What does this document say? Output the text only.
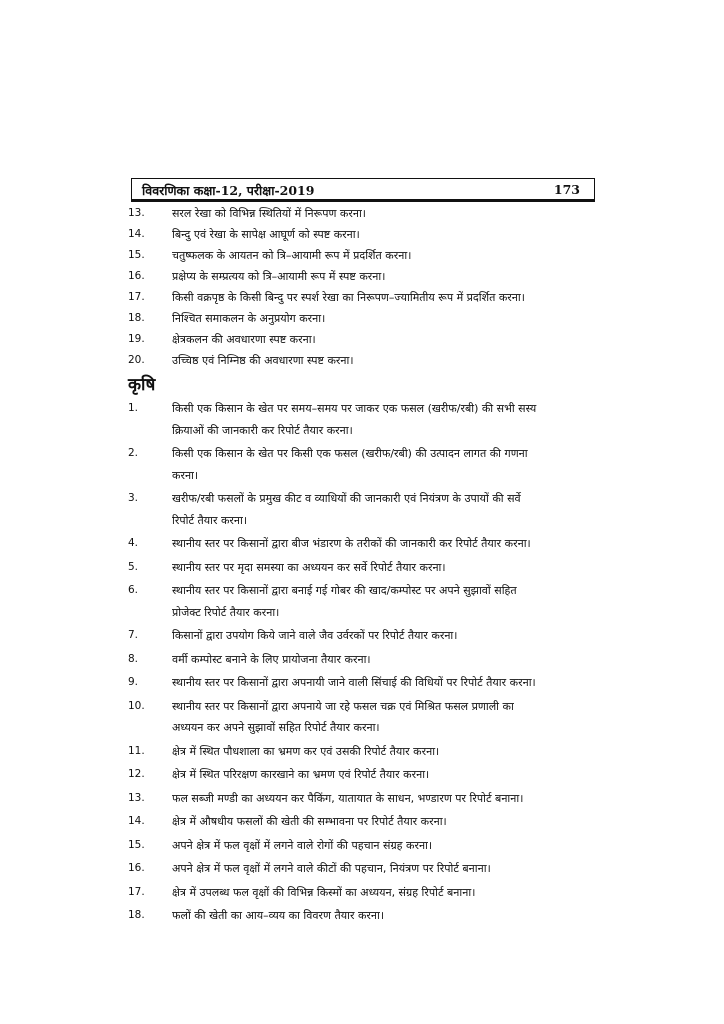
विवरणिका कक्षा-12, परीक्षा-2019	173
13. सरल रेखा को विभिन्न स्थितियों में निरूपण करना।
14. बिन्दु एवं रेखा के सापेक्ष आघूर्ण को स्पष्ट करना।
15. चतुष्फलक के आयतन को त्रि–आयामी रूप में प्रदर्शित करना।
16. प्रक्षेप्य के सम्प्रत्यय को त्रि–आयामी रूप में स्पष्ट करना।
17. किसी वक्रपृष्ठ के किसी बिन्दु पर स्पर्श रेखा का निरूपण–ज्यामितीय रूप में प्रदर्शित करना।
18. निश्चित समाकलन के अनुप्रयोग करना।
19. क्षेत्रकलन की अवधारणा स्पष्ट करना।
20. उच्चिष्ठ एवं निम्निष्ठ की अवधारणा स्पष्ट करना।
कृषि
1.	किसी एक किसान के खेत पर समय–समय पर जाकर एक फसल (खरीफ/रबी) की सभी सस्य
क्रियाओं की जानकारी कर रिपोर्ट तैयार करना।
2.	किसी एक किसान के खेत पर किसी एक फसल (खरीफ/रबी) की उत्पादन लागत की गणना
करना।
3.	खरीफ/रबी फसलों के प्रमुख कीट व व्याधियों की जानकारी एवं नियंत्रण के उपायों की सर्वे
रिपोर्ट तैयार करना।
4.	स्थानीय स्तर पर किसानों द्वारा बीज भंडारण के तरीकों की जानकारी कर रिपोर्ट तैयार करना।
5.	स्थानीय स्तर पर मृदा समस्या का अध्ययन कर सर्वे रिपोर्ट तैयार करना।
6.	स्थानीय स्तर पर किसानों द्वारा बनाई गई गोबर की खाद/कम्पोस्ट पर अपने सुझावों सहित
प्रोजेक्ट रिपोर्ट तैयार करना।
7.	किसानों द्वारा उपयोग किये जाने वाले जैव उर्वरकों पर रिपोर्ट तैयार करना।
8.	वर्मी कम्पोस्ट बनाने के लिए प्रायोजना तैयार करना।
9.	स्थानीय स्तर पर किसानों द्वारा अपनायी जाने वाली सिंचाई की विधियों पर रिपोर्ट तैयार करना।
10. स्थानीय स्तर पर किसानों द्वारा अपनाये जा रहे फसल चक्र एवं मिश्रित फसल प्रणाली का
अध्ययन कर अपने सुझावों सहित रिपोर्ट तैयार करना।
11. क्षेत्र में स्थित पौधशाला का भ्रमण कर एवं उसकी रिपोर्ट तैयार करना।
12. क्षेत्र में स्थित परिरक्षण कारखाने का भ्रमण एवं रिपोर्ट तैयार करना।
13. फल सब्जी मण्डी का अध्ययन कर पैकिंग, यातायात के साधन, भण्डारण पर रिपोर्ट बनाना।
14. क्षेत्र में औषधीय फसलों की खेती की सम्भावना पर रिपोर्ट तैयार करना।
15. अपने क्षेत्र में फल वृक्षों में लगने वाले रोगों की पहचान संग्रह करना।
16. अपने क्षेत्र में फल वृक्षों में लगने वाले कीटों की पहचान, नियंत्रण पर रिपोर्ट बनाना।
17. क्षेत्र में उपलब्ध फल वृक्षों की विभिन्न किस्मों का अध्ययन, संग्रह रिपोर्ट बनाना।
18. फलों की खेती का आय–व्यय का विवरण तैयार करना।
